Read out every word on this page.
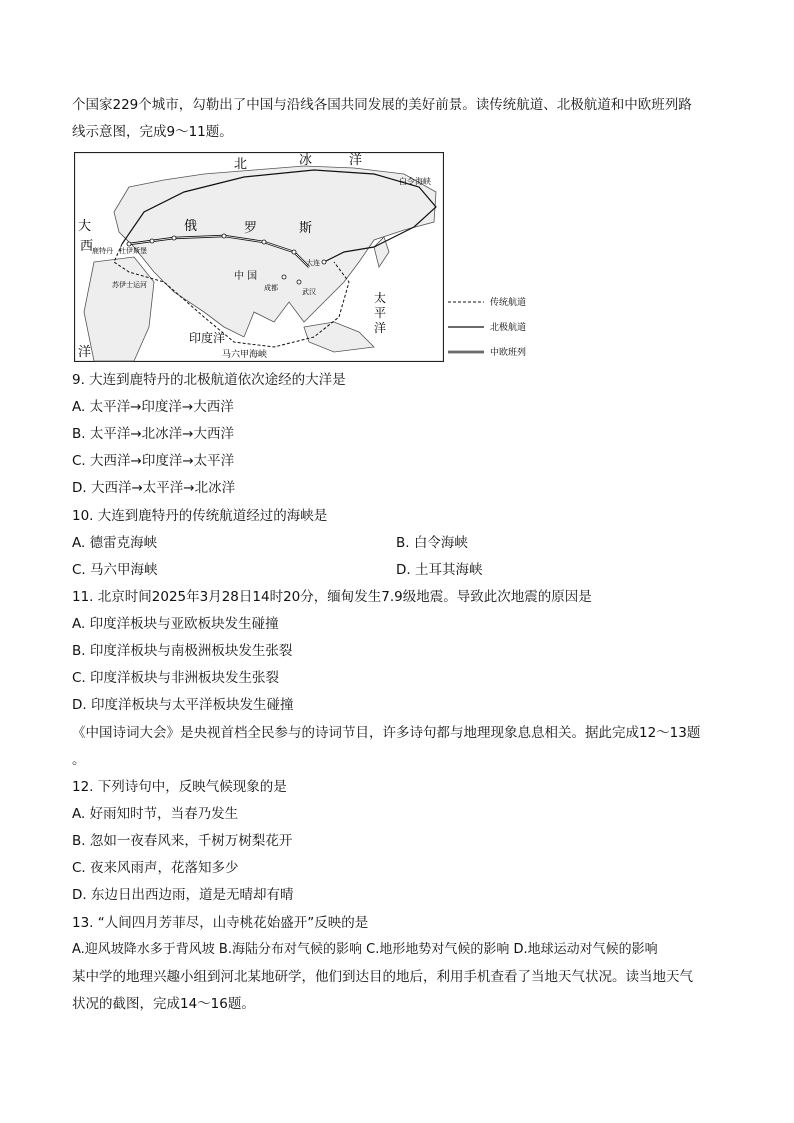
个国家229个城市，勾勒出了中国与沿线各国共同发展的美好前景。读传统航道、北极航道和中欧班列路
线示意图，完成9～11题。
北	冰	洋
白令海峡
大
西
洋
俄	罗	斯
鹿特丹 杜伊斯堡
中 国
成都	武汉
大连
苏伊士运河
印度洋
马六甲海峡
太
平
洋
传统航道
北极航道
中欧班列
9. 大连到鹿特丹的北极航道依次途经的大洋是
A. 太平洋→印度洋→大西洋
B. 太平洋→北冰洋→大西洋
C. 大西洋→印度洋→太平洋
D. 大西洋→太平洋→北冰洋
10. 大连到鹿特丹的传统航道经过的海峡是
A. 德雷克海峡	B. 白令海峡
C. 马六甲海峡	D. 土耳其海峡
11. 北京时间2025年3月28日14时20分，缅甸发生7.9级地震。导致此次地震的原因是
A. 印度洋板块与亚欧板块发生碰撞
B. 印度洋板块与南极洲板块发生张裂
C. 印度洋板块与非洲板块发生张裂
D. 印度洋板块与太平洋板块发生碰撞
《中国诗词大会》是央视首档全民参与的诗词节目，许多诗句都与地理现象息息相关。据此完成12～13题
。
12. 下列诗句中，反映气候现象的是
A. 好雨知时节，当春乃发生
B. 忽如一夜春风来，千树万树梨花开
C. 夜来风雨声，花落知多少
D. 东边日出西边雨，道是无晴却有晴
13. “人间四月芳菲尽，山寺桃花始盛开”反映的是
A.迎风坡降水多于背风坡 B.海陆分布对气候的影响 C.地形地势对气候的影响 D.地球运动对气候的影响
某中学的地理兴趣小组到河北某地研学，他们到达目的地后，利用手机查看了当地天气状况。读当地天气
状况的截图，完成14～16题。
